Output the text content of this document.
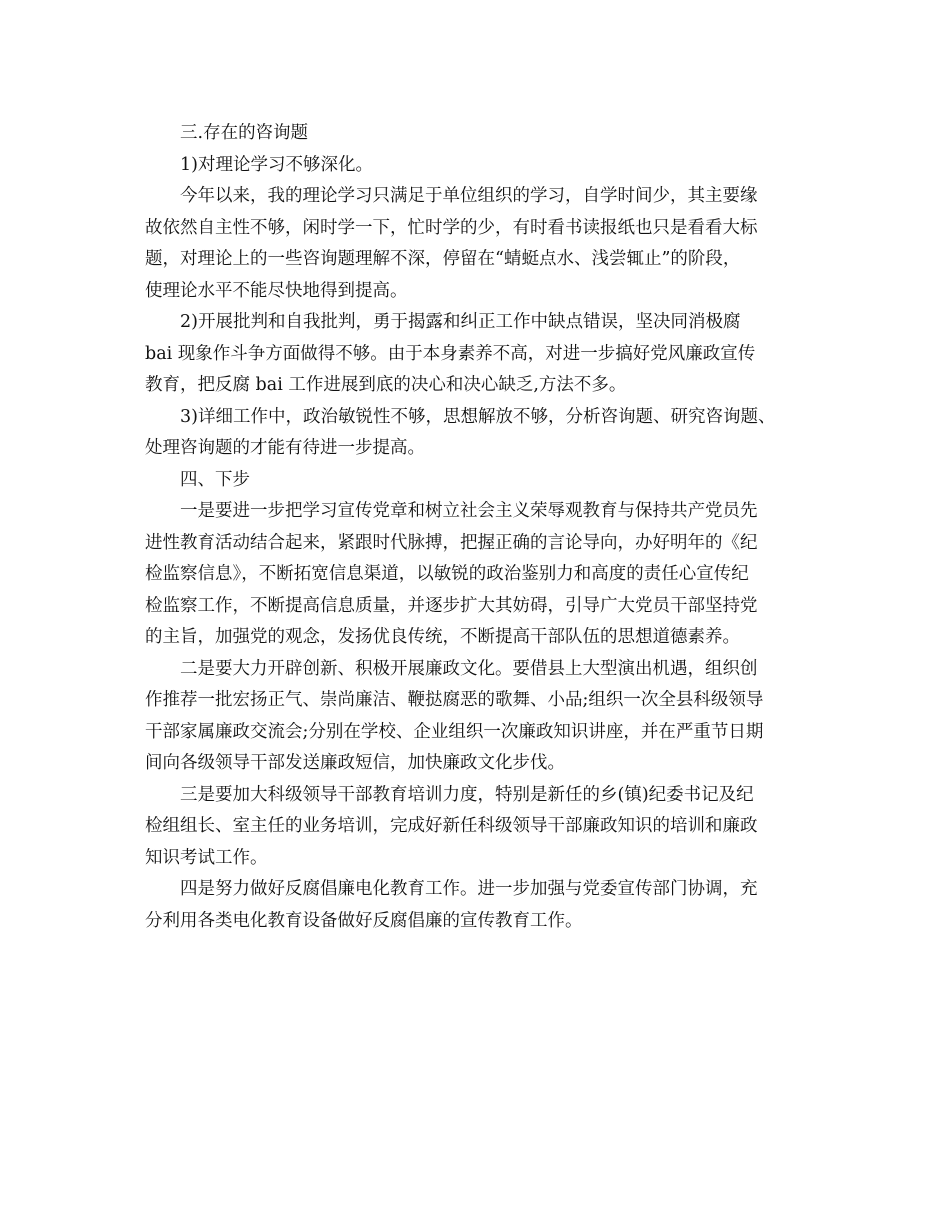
三.存在的咨询题
1)对理论学习不够深化。
今年以来，我的理论学习只满足于单位组织的学习，自学时间少，其主要缘
故依然自主性不够，闲时学一下，忙时学的少，有时看书读报纸也只是看看大标
题，对理论上的一些咨询题理解不深，停留在“蜻蜓点水、浅尝辄止”的阶段，
使理论水平不能尽快地得到提高。
2)开展批判和自我批判，勇于揭露和纠正工作中缺点错误，坚决同消极腐
bai 现象作斗争方面做得不够。由于本身素养不高，对进一步搞好党风廉政宣传
教育，把反腐 bai 工作进展到底的决心和决心缺乏,方法不多。
3)详细工作中，政治敏锐性不够，思想解放不够，分析咨询题、研究咨询题、
处理咨询题的才能有待进一步提高。
四、下步
一是要进一步把学习宣传党章和树立社会主义荣辱观教育与保持共产党员先
进性教育活动结合起来，紧跟时代脉搏，把握正确的言论导向，办好明年的《纪
检监察信息》，不断拓宽信息渠道，以敏锐的政治鉴别力和高度的责任心宣传纪
检监察工作，不断提高信息质量，并逐步扩大其妨碍，引导广大党员干部坚持党
的主旨，加强党的观念，发扬优良传统，不断提高干部队伍的思想道德素养。
二是要大力开辟创新、积极开展廉政文化。要借县上大型演出机遇，组织创
作推荐一批宏扬正气、崇尚廉洁、鞭挞腐恶的歌舞、小品;组织一次全县科级领导
干部家属廉政交流会;分别在学校、企业组织一次廉政知识讲座，并在严重节日期
间向各级领导干部发送廉政短信，加快廉政文化步伐。
三是要加大科级领导干部教育培训力度，特别是新任的乡(镇)纪委书记及纪
检组组长、室主任的业务培训，完成好新任科级领导干部廉政知识的培训和廉政
知识考试工作。
四是努力做好反腐倡廉电化教育工作。进一步加强与党委宣传部门协调，充
分利用各类电化教育设备做好反腐倡廉的宣传教育工作。
